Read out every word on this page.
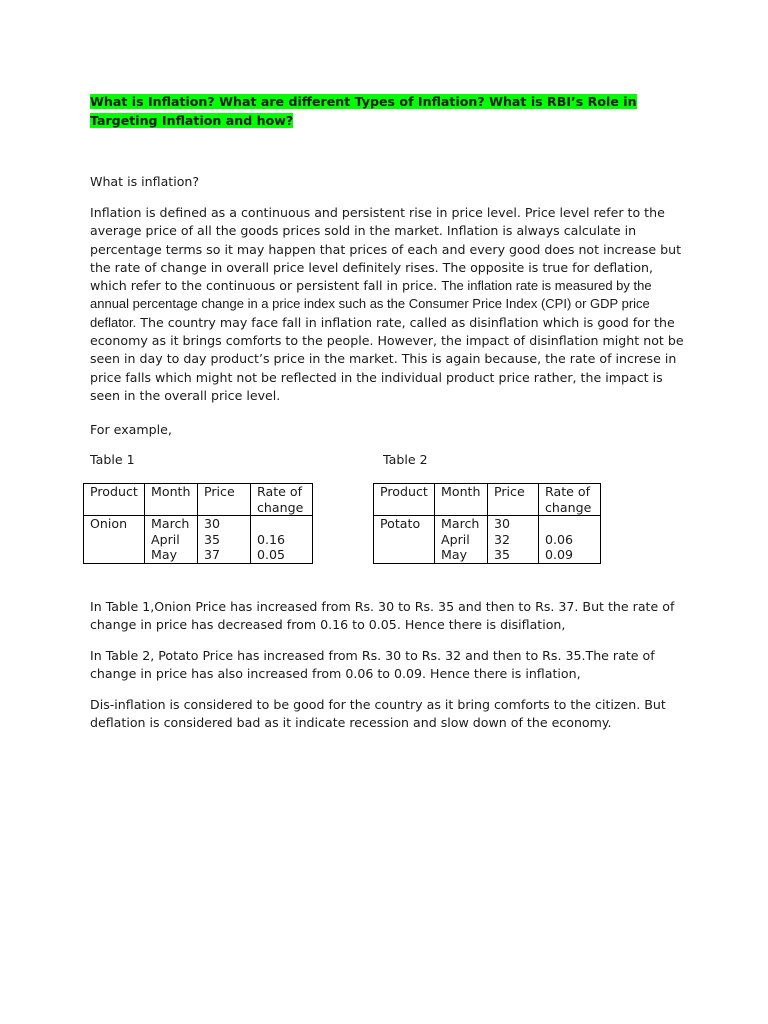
What is Inflation? What are different Types of Inflation? What is RBI’s Role in Targeting Inflation and how?

What is inflation?

Inflation is defined as a continuous and persistent rise in price level. Price level refer to the average price of all the goods prices sold in the market. Inflation is always calculate in percentage terms so it may happen that prices of each and every good does not increase but the rate of change in overall price level definitely rises. The opposite is true for deflation, which refer to the continuous or persistent fall in price. The inflation rate is measured by the annual percentage change in a price index such as the Consumer Price Index (CPI) or GDP price deflator. The country may face fall in inflation rate, called as disinflation which is good for the economy as it brings comforts to the people. However, the impact of disinflation might not be seen in day to day product’s price in the market. This is again because, the rate of increse in price falls which might not be reflected in the individual product price rather, the impact is seen in the overall price level.

For example,

Table 1	Table 2
Product	Month	Price	Rate of change
Onion	March	30	
	April	35	0.16
	May	37	0.05
Product	Month	Price	Rate of change
Potato	March	30	
	April	32	0.06
	May	35	0.09

In Table 1,Onion Price has increased from Rs. 30 to Rs. 35 and then to Rs. 37. But the rate of change in price has decreased from 0.16 to 0.05. Hence there is disiflation,

In Table 2, Potato Price has increased from Rs. 30 to Rs. 32 and then to Rs. 35.The rate of change in price has also increased from 0.06 to 0.09. Hence there is inflation,

Dis-inflation is considered to be good for the country as it bring comforts to the citizen. But deflation is considered bad as it indicate recession and slow down of the economy.
